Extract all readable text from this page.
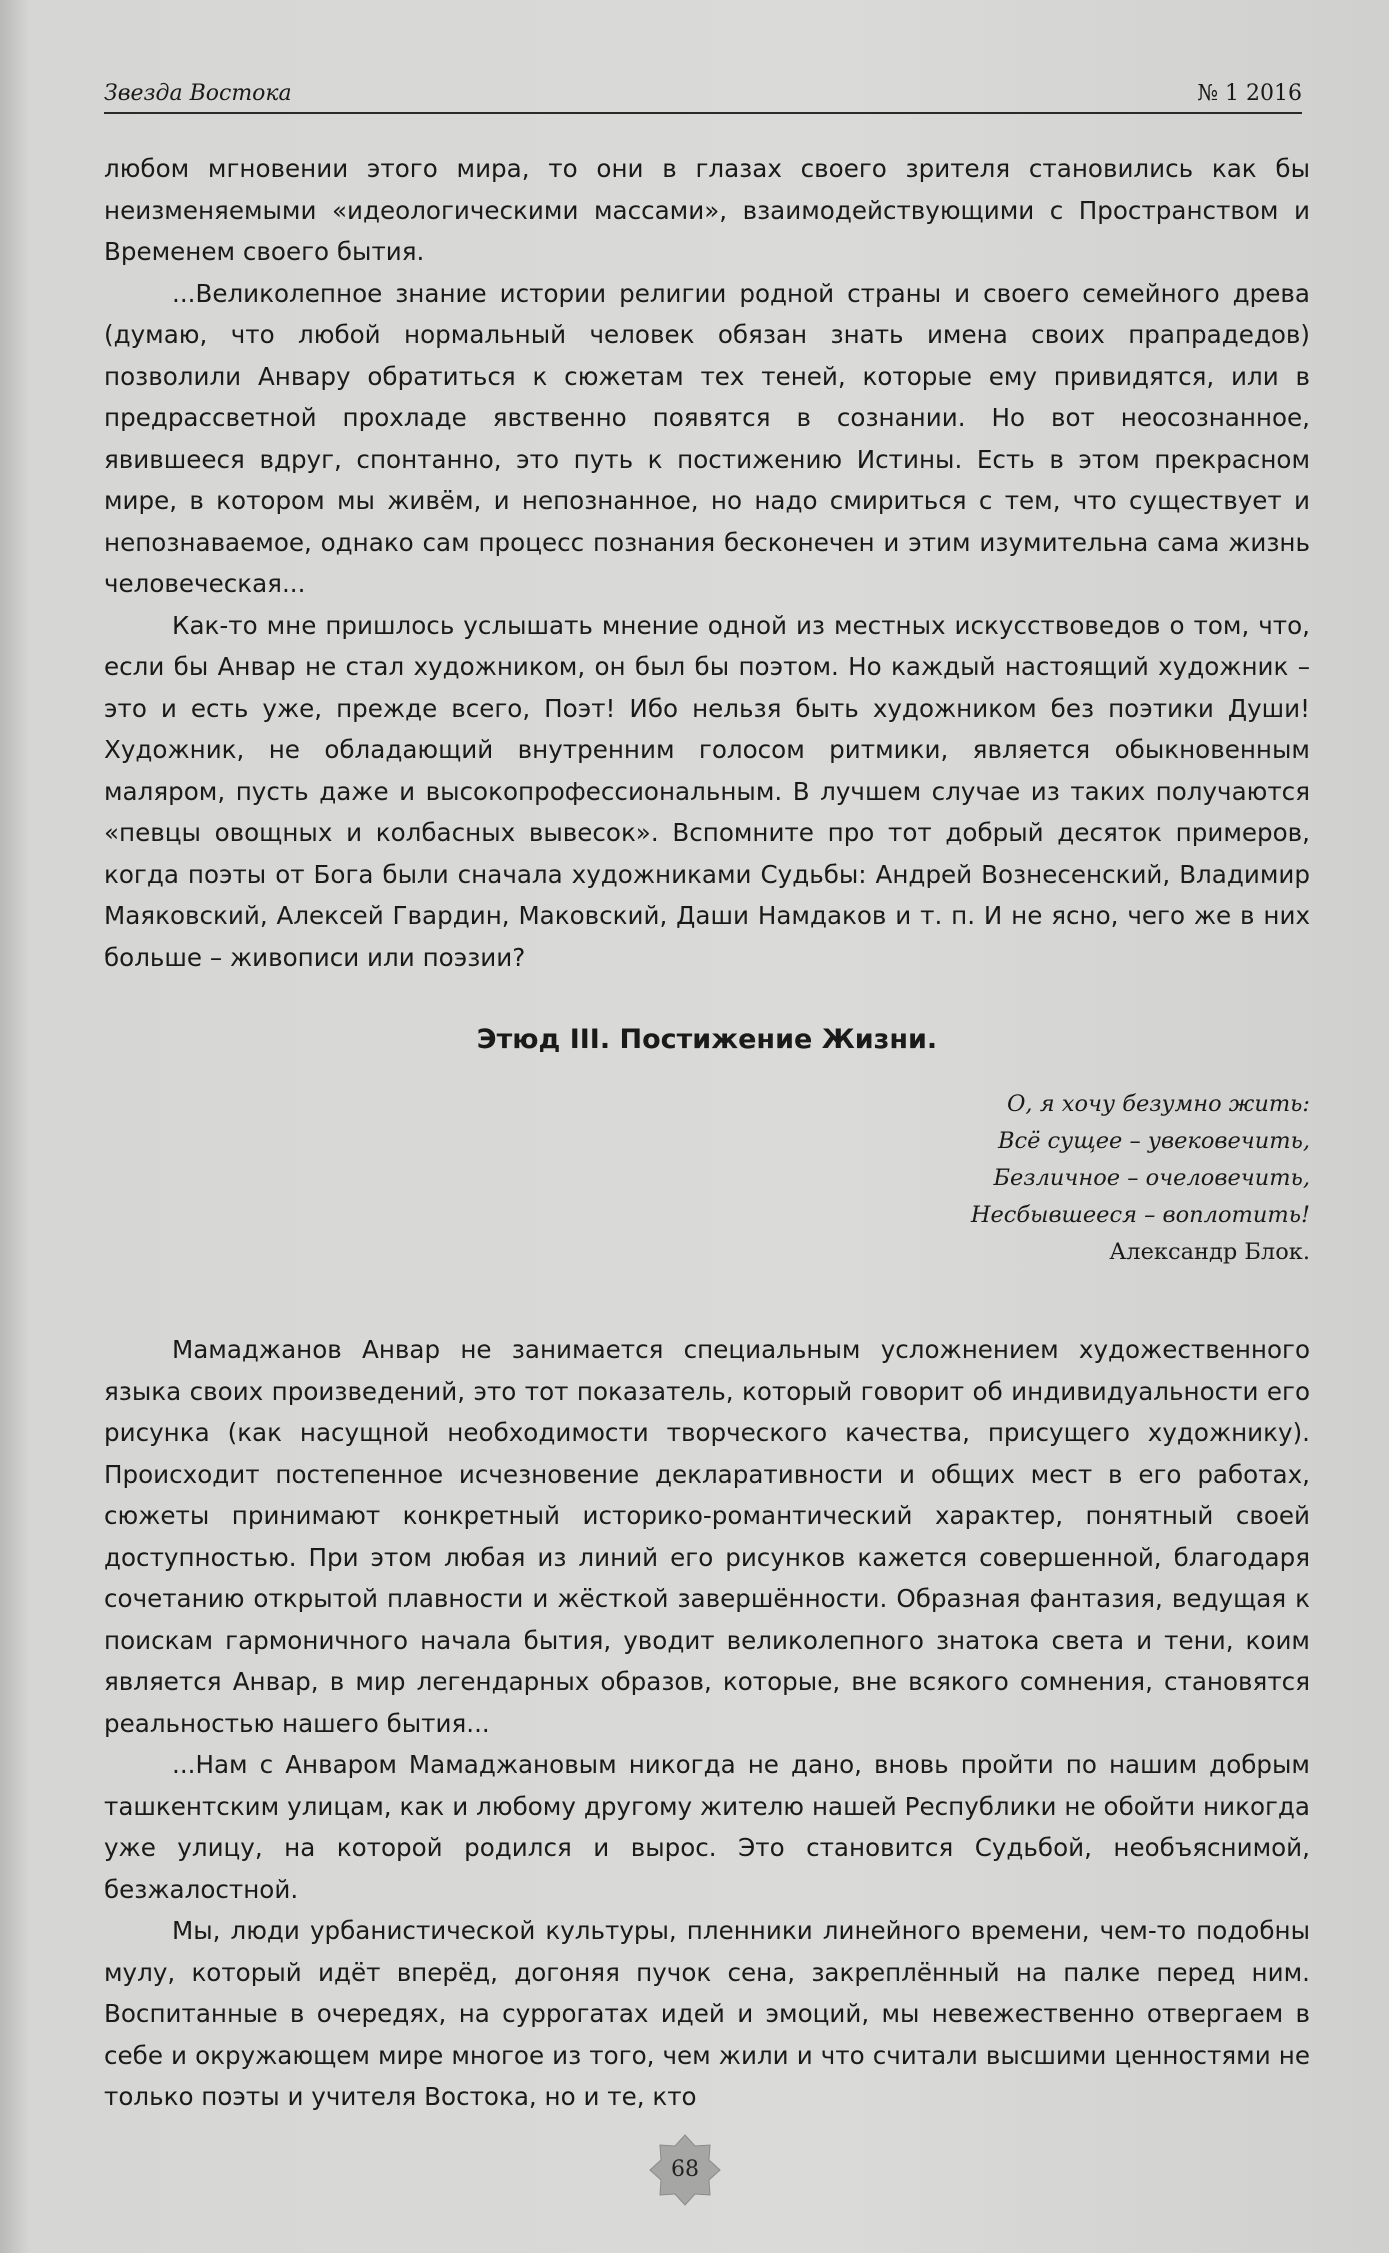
Звезда Востока	№ 1 2016

любом мгновении этого мира, то они в глазах своего зрителя становились как бы неизменяемыми «идеологическими массами», взаимодействующими с Пространством и Временем своего бытия.

...Великолепное знание истории религии родной страны и своего семейного древа (думаю, что любой нормальный человек обязан знать имена своих прапрадедов) позволили Анвару обратиться к сюжетам тех теней, которые ему привидятся, или в предрассветной прохладе явственно появятся в сознании. Но вот неосознанное, явившееся вдруг, спонтанно, это путь к постижению Истины. Есть в этом прекрасном мире, в котором мы живём, и непознанное, но надо смириться с тем, что существует и непознаваемое, однако сам процесс познания бесконечен и этим изумительна сама жизнь человеческая...

Как-то мне пришлось услышать мнение одной из местных искусствоведов о том, что, если бы Анвар не стал художником, он был бы поэтом. Но каждый настоящий художник – это и есть уже, прежде всего, Поэт! Ибо нельзя быть художником без поэтики Души! Художник, не обладающий внутренним голосом ритмики, является обыкновенным маляром, пусть даже и высокопрофессиональным. В лучшем случае из таких получаются «певцы овощных и колбасных вывесок». Вспомните про тот добрый десяток примеров, когда поэты от Бога были сначала художниками Судьбы: Андрей Вознесенский, Владимир Маяковский, Алексей Гвардин, Маковский, Даши Намдаков и т. п. И не ясно, чего же в них больше – живописи или поэзии?

Этюд III. Постижение Жизни.

О, я хочу безумно жить:
Всё сущее – увековечить,
Безличное – очеловечить,
Несбывшееся – воплотить!
Александр Блок.

Мамаджанов Анвар не занимается специальным усложнением художественного языка своих произведений, это тот показатель, который говорит об индивидуальности его рисунка (как насущной необходимости творческого качества, присущего художнику). Происходит постепенное исчезновение декларативности и общих мест в его работах, сюжеты принимают конкретный историко-романтический характер, понятный своей доступностью. При этом любая из линий его рисунков кажется совершенной, благодаря сочетанию открытой плавности и жёсткой завершённости. Образная фантазия, ведущая к поискам гармоничного начала бытия, уводит великолепного знатока света и тени, коим является Анвар, в мир легендарных образов, которые, вне всякого сомнения, становятся реальностью нашего бытия...

...Нам с Анваром Мамаджановым никогда не дано, вновь пройти по нашим добрым ташкентским улицам, как и любому другому жителю нашей Республики не обойти никогда уже улицу, на которой родился и вырос. Это становится Судьбой, необъяснимой, безжалостной.

Мы, люди урбанистической культуры, пленники линейного времени, чем-то подобны мулу, который идёт вперёд, догоняя пучок сена, закреплённый на палке перед ним. Воспитанные в очередях, на суррогатах идей и эмоций, мы невежественно отвергаем в себе и окружающем мире многое из того, чем жили и что считали высшими ценностями не только поэты и учителя Востока, но и те, кто

68
